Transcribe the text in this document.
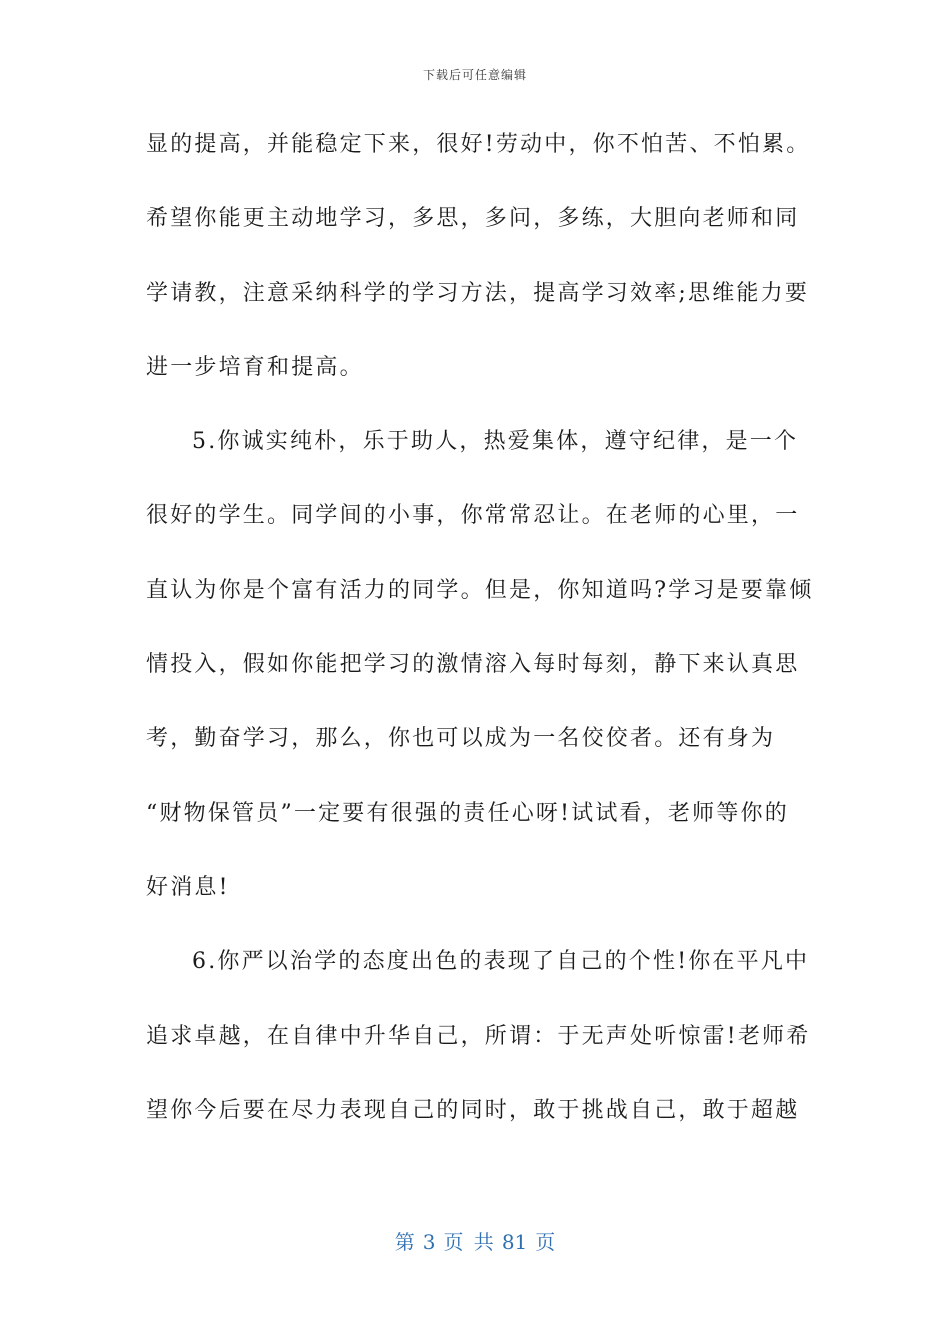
下载后可任意编辑
显的提高，并能稳定下来，很好!劳动中，你不怕苦、不怕累。
希望你能更主动地学习，多思，多问，多练，大胆向老师和同
学请教，注意采纳科学的学习方法，提高学习效率;思维能力要
进一步培育和提高。
5.你诚实纯朴，乐于助人，热爱集体，遵守纪律，是一个
很好的学生。同学间的小事，你常常忍让。在老师的心里，一
直认为你是个富有活力的同学。但是，你知道吗?学习是要靠倾
情投入，假如你能把学习的激情溶入每时每刻，静下来认真思
考，勤奋学习，那么，你也可以成为一名佼佼者。还有身为
“财物保管员”一定要有很强的责任心呀!试试看，老师等你的
好消息!
6.你严以治学的态度出色的表现了自己的个性!你在平凡中
追求卓越，在自律中升华自己，所谓：于无声处听惊雷!老师希
望你今后要在尽力表现自己的同时，敢于挑战自己，敢于超越
第 3 页 共 81 页
